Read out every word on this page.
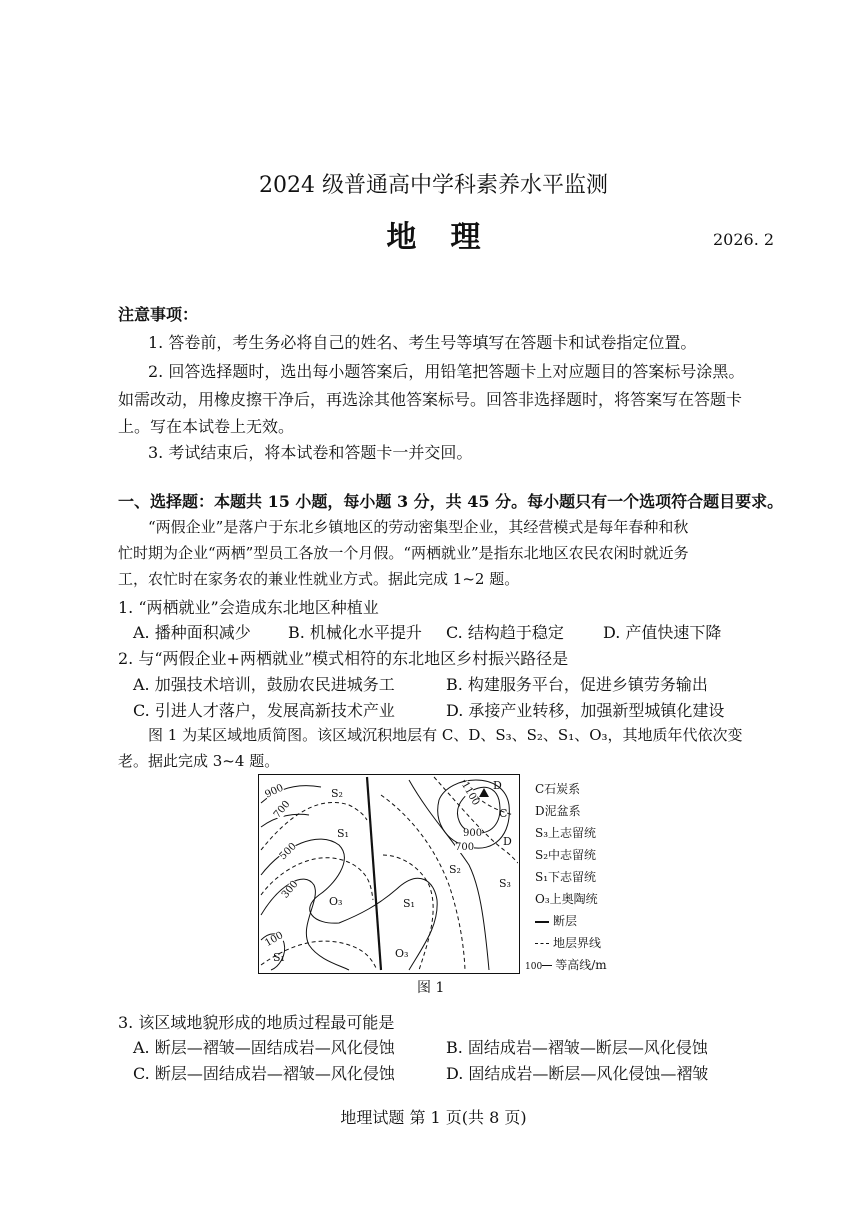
2024 级普通高中学科素养水平监测
地理	2026. 2
注意事项：
1. 答卷前，考生务必将自己的姓名、考生号等填写在答题卡和试卷指定位置。
2. 回答选择题时，选出每小题答案后，用铅笔把答题卡上对应题目的答案标号涂黑。
如需改动，用橡皮擦干净后，再选涂其他答案标号。回答非选择题时，将答案写在答题卡
上。写在本试卷上无效。
3. 考试结束后，将本试卷和答题卡一并交回。
一、选择题：本题共 15 小题，每小题 3 分，共 45 分。每小题只有一个选项符合题目要求。
“两假企业”是落户于东北乡镇地区的劳动密集型企业，其经营模式是每年春种和秋
忙时期为企业“两栖”型员工各放一个月假。“两栖就业”是指东北地区农民农闲时就近务
工，农忙时在家务农的兼业性就业方式。据此完成 1~2 题。
1. “两栖就业”会造成东北地区种植业
A. 播种面积减少 B. 机械化水平提升 C. 结构趋于稳定 D. 产值快速下降
2. 与“两假企业+两栖就业”模式相符的东北地区乡村振兴路径是
A. 加强技术培训，鼓励农民进城务工	B. 构建服务平台，促进乡镇劳务输出
C. 引进人才落户，发展高新技术产业	D. 承接产业转移，加强新型城镇化建设
图 1 为某区域地质简图。该区域沉积地层有 C、D、S₃、S₂、S₁、O₃，其地质年代依次变
老。据此完成 3~4 题。
S₂
S₁
O₃	S₁
O₃
S₂
S₃
S₁
D
C
D
900
700
500
300
100
1100
900
700
C石炭系
D泥盆系
S₃上志留统
S₂中志留统
S₁下志留统
O₃上奥陶统
断层
地层界线
100 等高线/m
图 1
3. 该区域地貌形成的地质过程最可能是
A. 断层—褶皱—固结成岩—风化侵蚀	B. 固结成岩—褶皱—断层—风化侵蚀
C. 断层—固结成岩—褶皱—风化侵蚀	D. 固结成岩—断层—风化侵蚀—褶皱
地理试题 第 1 页(共 8 页)
